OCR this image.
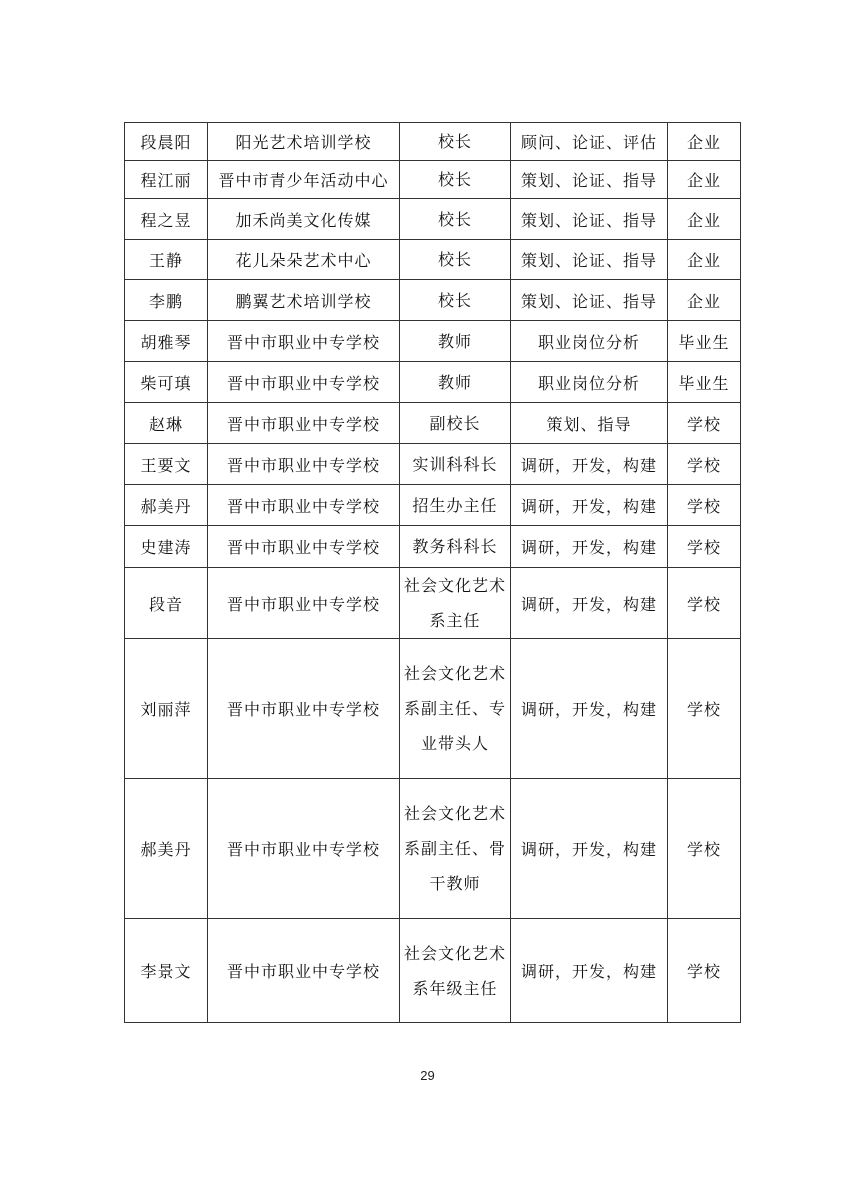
段晨阳	阳光艺术培训学校	校长	顾问、论证、评估	企业
程江丽	晋中市青少年活动中心	校长	策划、论证、指导	企业
程之昱	加禾尚美文化传媒	校长	策划、论证、指导	企业
王静	花儿朵朵艺术中心	校长	策划、论证、指导	企业
李鹏	鹏翼艺术培训学校	校长	策划、论证、指导	企业
胡雅琴	晋中市职业中专学校	教师	职业岗位分析	毕业生
柴可瑱	晋中市职业中专学校	教师	职业岗位分析	毕业生
赵琳	晋中市职业中专学校	副校长	策划、指导	学校
王要文	晋中市职业中专学校	实训科科长	调研，开发，构建	学校
郝美丹	晋中市职业中专学校	招生办主任	调研，开发，构建	学校
史建涛	晋中市职业中专学校	教务科科长	调研，开发，构建	学校
段音	晋中市职业中专学校	社会文化艺术系主任	调研，开发，构建	学校
刘丽萍	晋中市职业中专学校	社会文化艺术系副主任、专业带头人	调研，开发，构建	学校
郝美丹	晋中市职业中专学校	社会文化艺术系副主任、骨干教师	调研，开发，构建	学校
李景文	晋中市职业中专学校	社会文化艺术系年级主任	调研，开发，构建	学校
29
